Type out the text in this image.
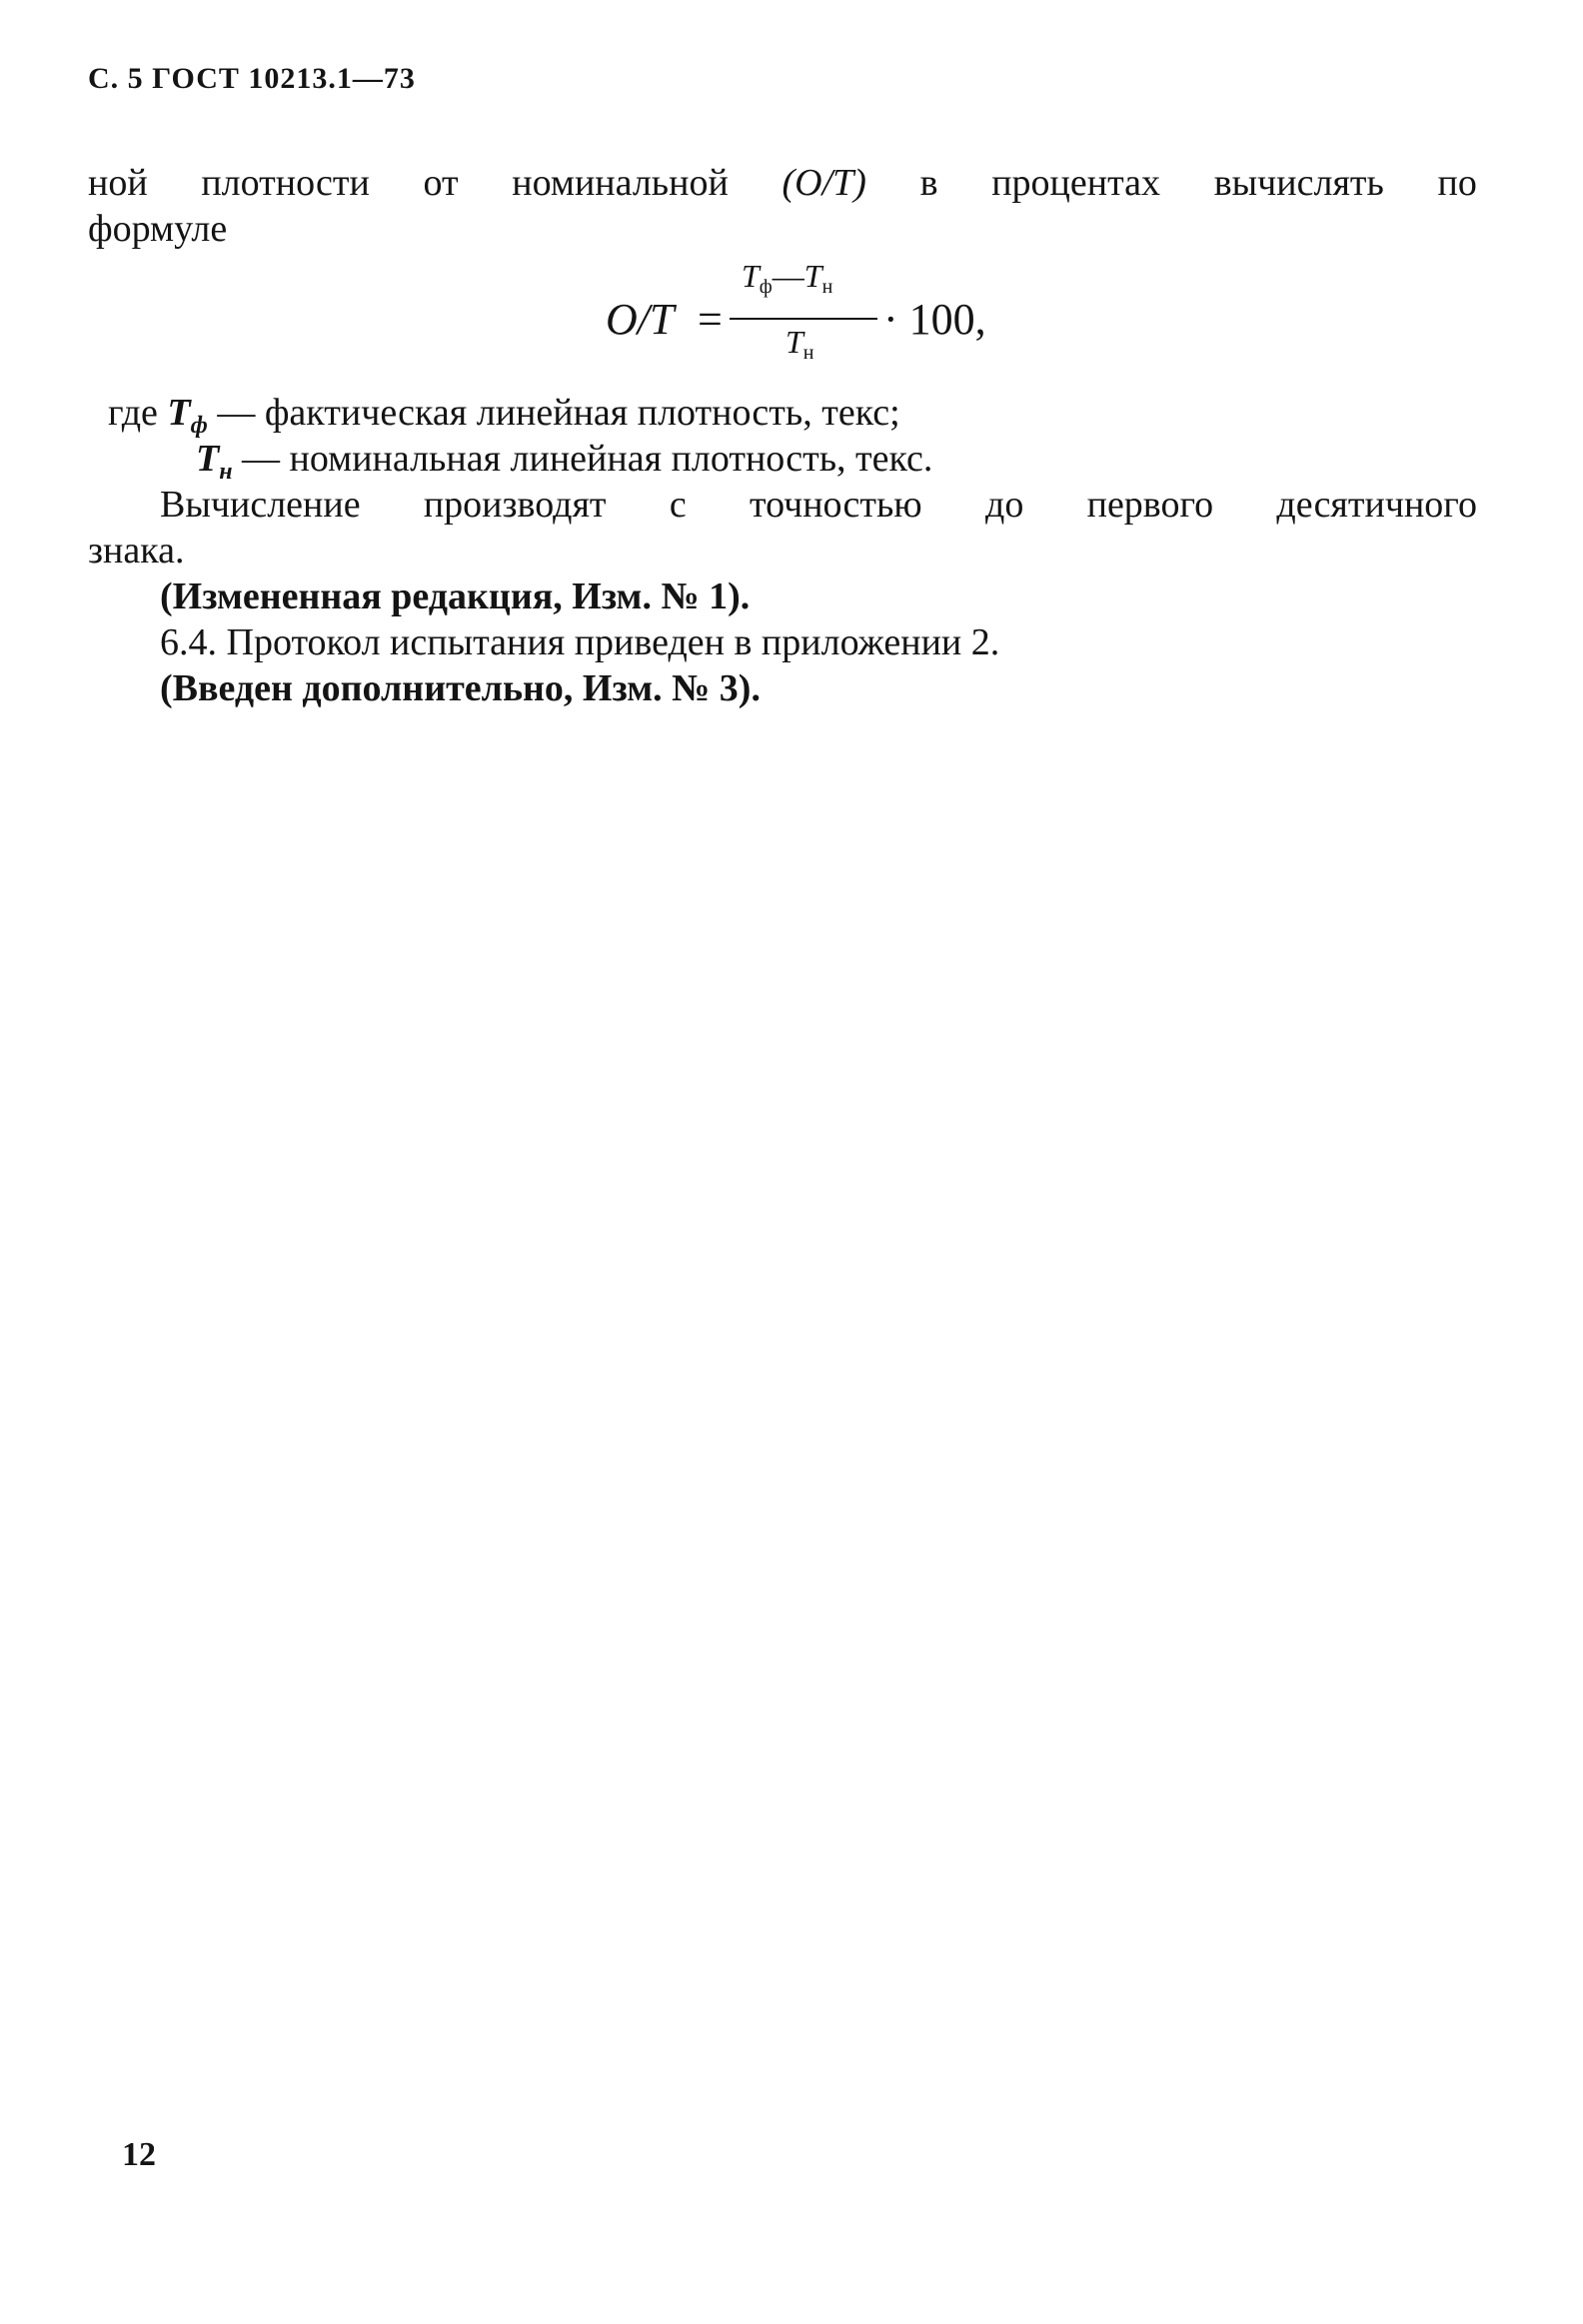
С. 5 ГОСТ 10213.1—73
ной плотности от номинальной (O/T) в процентах вычислять по
формуле
O/T =
$T_ф—T_н$
$T_н$
· 100,
где $T_ф$ — фактическая линейная плотность, текс;
$T_н$ — номинальная линейная плотность, текс.
Вычисление производят с точностью до первого десятичного
знака.
(Измененная редакция, Изм. № 1).
6.4. Протокол испытания приведен в приложении 2.
(Введен дополнительно, Изм. № 3).
12
